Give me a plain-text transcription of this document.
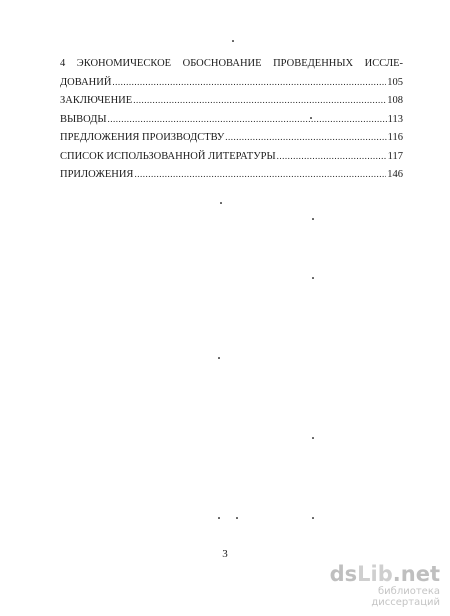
4 ЭКОНОМИЧЕСКОЕ ОБОСНОВАНИЕ ПРОВЕДЕННЫХ ИССЛЕ-
ДОВАНИЙ .....	105
ЗАКЛЮЧЕНИЕ .....	108
ВЫВОДЫ .....	113
ПРЕДЛОЖЕНИЯ ПРОИЗВОДСТВУ .....	116
СПИСОК ИСПОЛЬЗОВАННОЙ ЛИТЕРАТУРЫ .....	117
ПРИЛОЖЕНИЯ .....	146
3
dsLib.net
библиотека диссертаций
